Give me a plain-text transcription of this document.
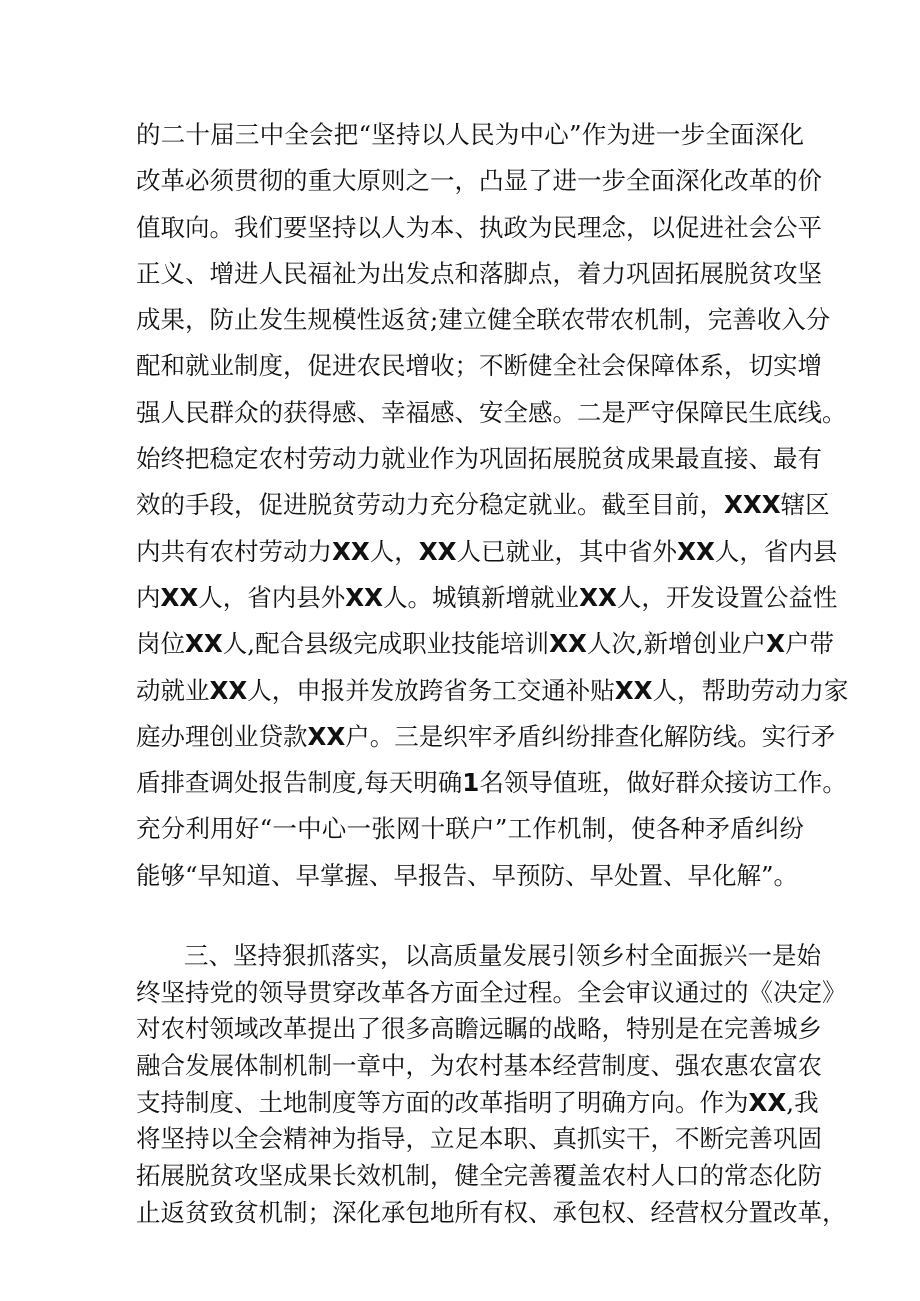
的 二 十 届 三 中 全 会 把 “ 坚 持 以 人 民 为 中 心 ” 作 为 进 一 步 全 面 深 化
改 革 必 须 贯 彻 的 重 大 原 则 之 一 ， 凸 显 了 进 一 步 全 面 深 化 改 革 的 价
值 取 向 。 我 们 要 坚 持 以 人 为 本 、 执 政 为 民 理 念 ， 以 促 进 社 会 公 平
正 义 、 增 进 人 民 福 祉 为 出 发 点 和 落 脚 点 ， 着 力 巩 固 拓 展 脱 贫 攻 坚
成 果 ， 防 止 发 生 规 模 性 返 贫 ; 建 立 健 全 联 农 带 农 机 制 ， 完 善 收 入 分
配 和 就 业 制 度 ， 促 进 农 民 增 收 ； 不 断 健 全 社 会 保 障 体 系 ， 切 实 增
强 人 民 群 众 的 获 得 感 、 幸 福 感 、 安 全 感 。 二 是 严 守 保 障 民 生 底 线 。
始 终 把 稳 定 农 村 劳 动 力 就 业 作 为 巩 固 拓 展 脱 贫 成 果 最 直 接 、 最 有
效的手段，促进脱贫劳动力充分稳定就业。截至目前，XXX辖区
内共有农村劳动力XX人，XX人已就业，其中省外XX人，省内县
内XX人，省内县外XX人。城镇新增就业XX人，开发设置公益性
岗位XX人,配合县级完成职业技能培训XX人次,新增创业户X户带
动就业XX人，申报并发放跨省务工交通补贴XX人，帮助劳动力家
庭办理创业贷款XX户。三是织牢矛盾纠纷排查化解防线。实行矛
盾排查调处报告制度,每天明确1名领导值班，做好群众接访工作。
充 分 利 用 好 “ 一 中 心 一 张 网 十 联 户 ” 工 作 机 制 ， 使 各 种 矛 盾 纠 纷
能够“早知道、早掌握、早报告、早预防、早处置、早化解”。
三、坚持狠抓落实，以高质量发展引领乡村全面振兴一是始
终坚持党的领导贯穿改革各方面全过程。全会审议通过的《决定》
对农村领域改革提出了很多高瞻远瞩的战略，特别是在完善城乡
融合发展体制机制一章中，为农村基本经营制度、强农惠农富农
支持制度、土地制度等方面的改革指明了明确方向。作为XX,我
将坚持以全会精神为指导，立足本职、真抓实干，不断完善巩固
拓展脱贫攻坚成果长效机制，健全完善覆盖农村人口的常态化防
止返贫致贫机制；深化承包地所有权、承包权、经营权分置改革，
